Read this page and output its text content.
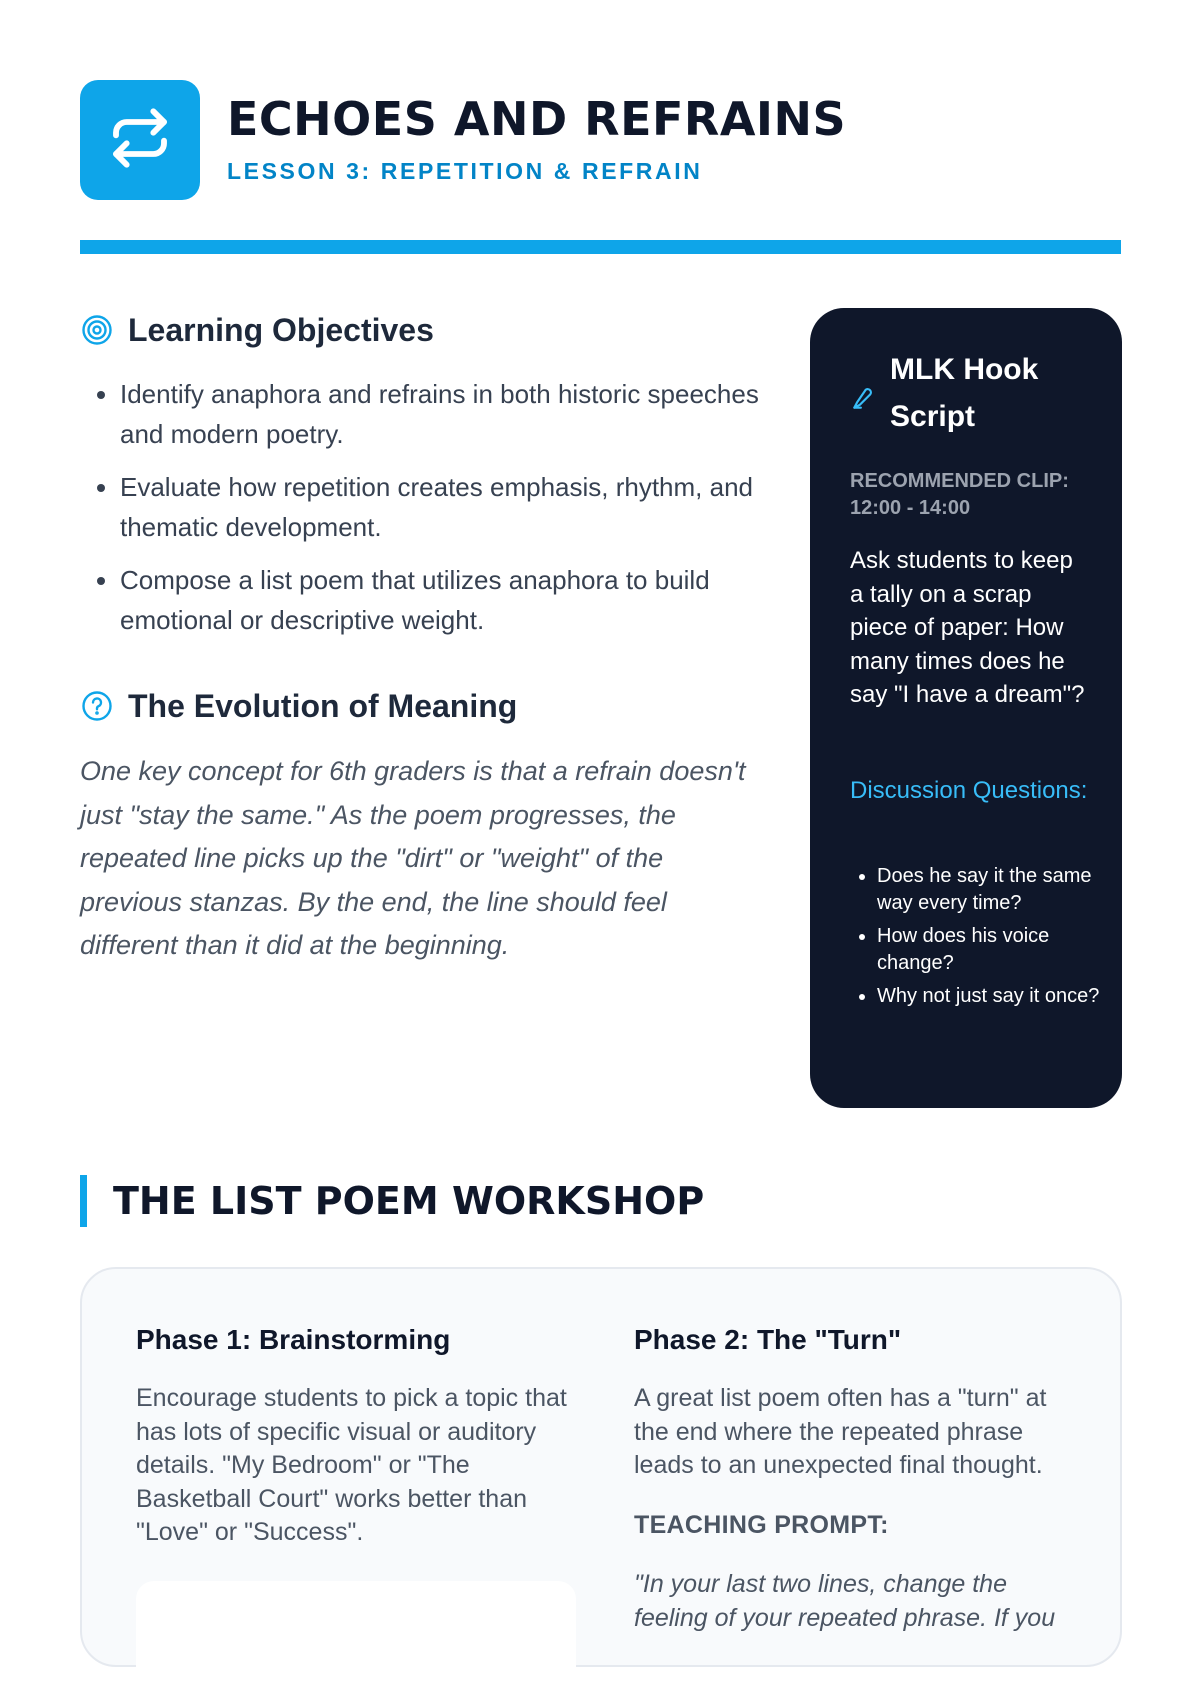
ECHOES AND REFRAINS

LESSON 3: REPETITION & REFRAIN

Learning Objectives
• Identify anaphora and refrains in both historic speeches and modern poetry.
• Evaluate how repetition creates emphasis, rhythm, and thematic development.
• Compose a list poem that utilizes anaphora to build emotional or descriptive weight.
The Evolution of Meaning

One key concept for 6th graders is that a refrain doesn't just "stay the same." As the poem progresses, the repeated line picks up the "dirt" or "weight" of the previous stanzas. By the end, the line should feel different than it did at the beginning.

MLK Hook Script

RECOMMENDED CLIP: 12:00 - 14:00

Ask students to keep a tally on a scrap piece of paper: How many times does he say "I have a dream"?

Discussion Questions:

• Does he say it the same way every time?
• How does his voice change?
• Why not just say it once?
THE LIST POEM WORKSHOP
Phase 1: Brainstorming

Encourage students to pick a topic that has lots of specific visual or auditory details. "My Bedroom" or "The Basketball Court" works better than "Love" or "Success".

Phase 2: The "Turn"

A great list poem often has a "turn" at the end where the repeated phrase leads to an unexpected final thought.

TEACHING PROMPT:

"In your last two lines, change the feeling of your repeated phrase. If you
